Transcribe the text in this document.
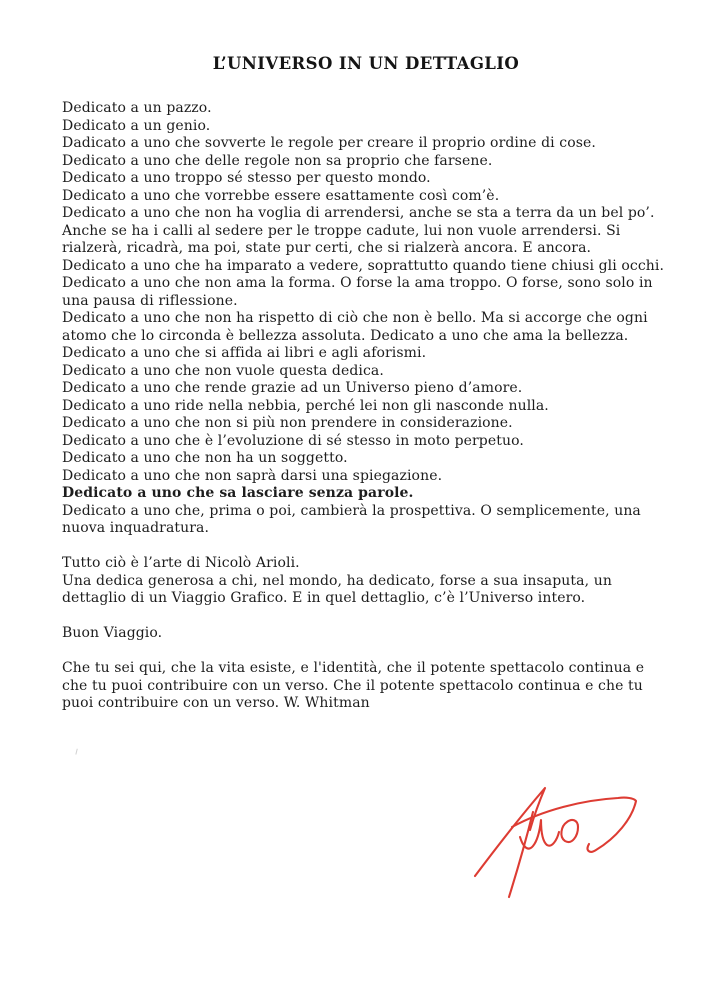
L’UNIVERSO IN UN DETTAGLIO

Dedicato a un pazzo.

Dedicato a un genio.

Dadicato a uno che sovverte le regole per creare il proprio ordine di cose.

Dedicato a uno che delle regole non sa proprio che farsene.

Dedicato a uno troppo sé stesso per questo mondo.

Dedicato a uno che vorrebbe essere esattamente così com’è.

Dedicato a uno che non ha voglia di arrendersi, anche se sta a terra da un bel po’.

Anche se ha i calli al sedere per le troppe cadute, lui non vuole arrendersi. Si rialzerà, ricadrà, ma poi, state pur certi, che si rialzerà ancora. E ancora.

Dedicato a uno che ha imparato a vedere, soprattutto quando tiene chiusi gli occhi.

Dedicato a uno che non ama la forma. O forse la ama troppo. O forse, sono solo in una pausa di riflessione.

Dedicato a uno che non ha rispetto di ciò che non è bello. Ma si accorge che ogni atomo che lo circonda è bellezza assoluta. Dedicato a uno che ama la bellezza.

Dedicato a uno che si affida ai libri e agli aforismi.

Dedicato a uno che non vuole questa dedica.

Dedicato a uno che rende grazie ad un Universo pieno d’amore.

Dedicato a uno ride nella nebbia, perché lei non gli nasconde nulla.

Dedicato a uno che non si più non prendere in considerazione.

Dedicato a uno che è l’evoluzione di sé stesso in moto perpetuo.

Dedicato a uno che non ha un soggetto.

Dedicato a uno che non saprà darsi una spiegazione.

Dedicato a uno che sa lasciare senza parole.

Dedicato a uno che, prima o poi, cambierà la prospettiva. O semplicemente, una nuova inquadratura.

Tutto ciò è l’arte di Nicolò Arioli.

Una dedica generosa a chi, nel mondo, ha dedicato, forse a sua insaputa, un dettaglio di un Viaggio Grafico. E in quel dettaglio, c’è l’Universo intero.

Buon Viaggio.

Che tu sei qui, che la vita esiste, e l'identità, che il potente spettacolo continua e che tu puoi contribuire con un verso. Che il potente spettacolo continua e che tu puoi contribuire con un verso. W. Whitman
